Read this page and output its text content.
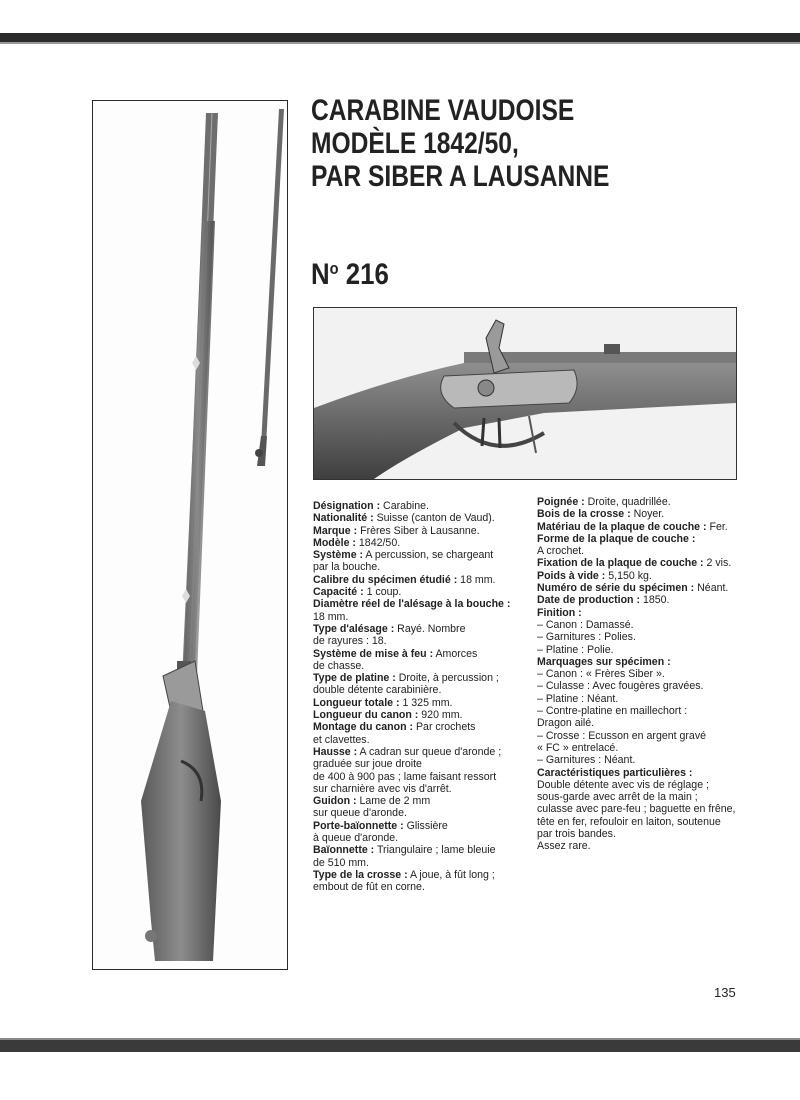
CARABINE VAUDOISE
MODÈLE 1842/50,
PAR SIBER A LAUSANNE
$N^o$ 216

Désignation : Carabine.

Nationalité : Suisse (canton de Vaud).

Marque : Frères Siber à Lausanne.

Modèle : 1842/50.

Système : A percussion, se chargeant

par la bouche.

Calibre du spécimen étudié : 18 mm.

Capacité : 1 coup.

Diamètre réel de l'alésage à la bouche :

18 mm.

Type d'alésage : Rayé. Nombre

de rayures : 18.

Système de mise à feu : Amorces

de chasse.

Type de platine : Droite, à percussion ;

double détente carabinière.

Longueur totale : 1 325 mm.

Longueur du canon : 920 mm.

Montage du canon : Par crochets

et clavettes.

Hausse : A cadran sur queue d'aronde ;

graduée sur joue droite

de 400 à 900 pas ; lame faisant ressort

sur charnière avec vis d'arrêt.

Guidon : Lame de 2 mm

sur queue d'aronde.

Porte-baïonnette : Glissière

à queue d'aronde.

Baïonnette : Triangulaire ; lame bleuie

de 510 mm.

Type de la crosse : A joue, à fût long ;

embout de fût en corne.

Poignée : Droite, quadrillée.

Bois de la crosse : Noyer.

Matériau de la plaque de couche : Fer.

Forme de la plaque de couche :

A crochet.

Fixation de la plaque de couche : 2 vis.

Poids à vide : 5,150 kg.

Numéro de série du spécimen : Néant.

Date de production : 1850.

Finition :

– Canon : Damassé.

– Garnitures : Polies.

– Platine : Polie.

Marquages sur spécimen :

– Canon : « Frères Siber ».

– Culasse : Avec fougères gravées.

– Platine : Néant.

– Contre-platine en maillechort :

Dragon ailé.

– Crosse : Ecusson en argent gravé

« FC » entrelacé.

– Garnitures : Néant.

Caractéristiques particulières :

Double détente avec vis de réglage ;

sous-garde avec arrêt de la main ;

culasse avec pare-feu ; baguette en frêne,

tête en fer, refouloir en laiton, soutenue

par trois bandes.

Assez rare.

135
